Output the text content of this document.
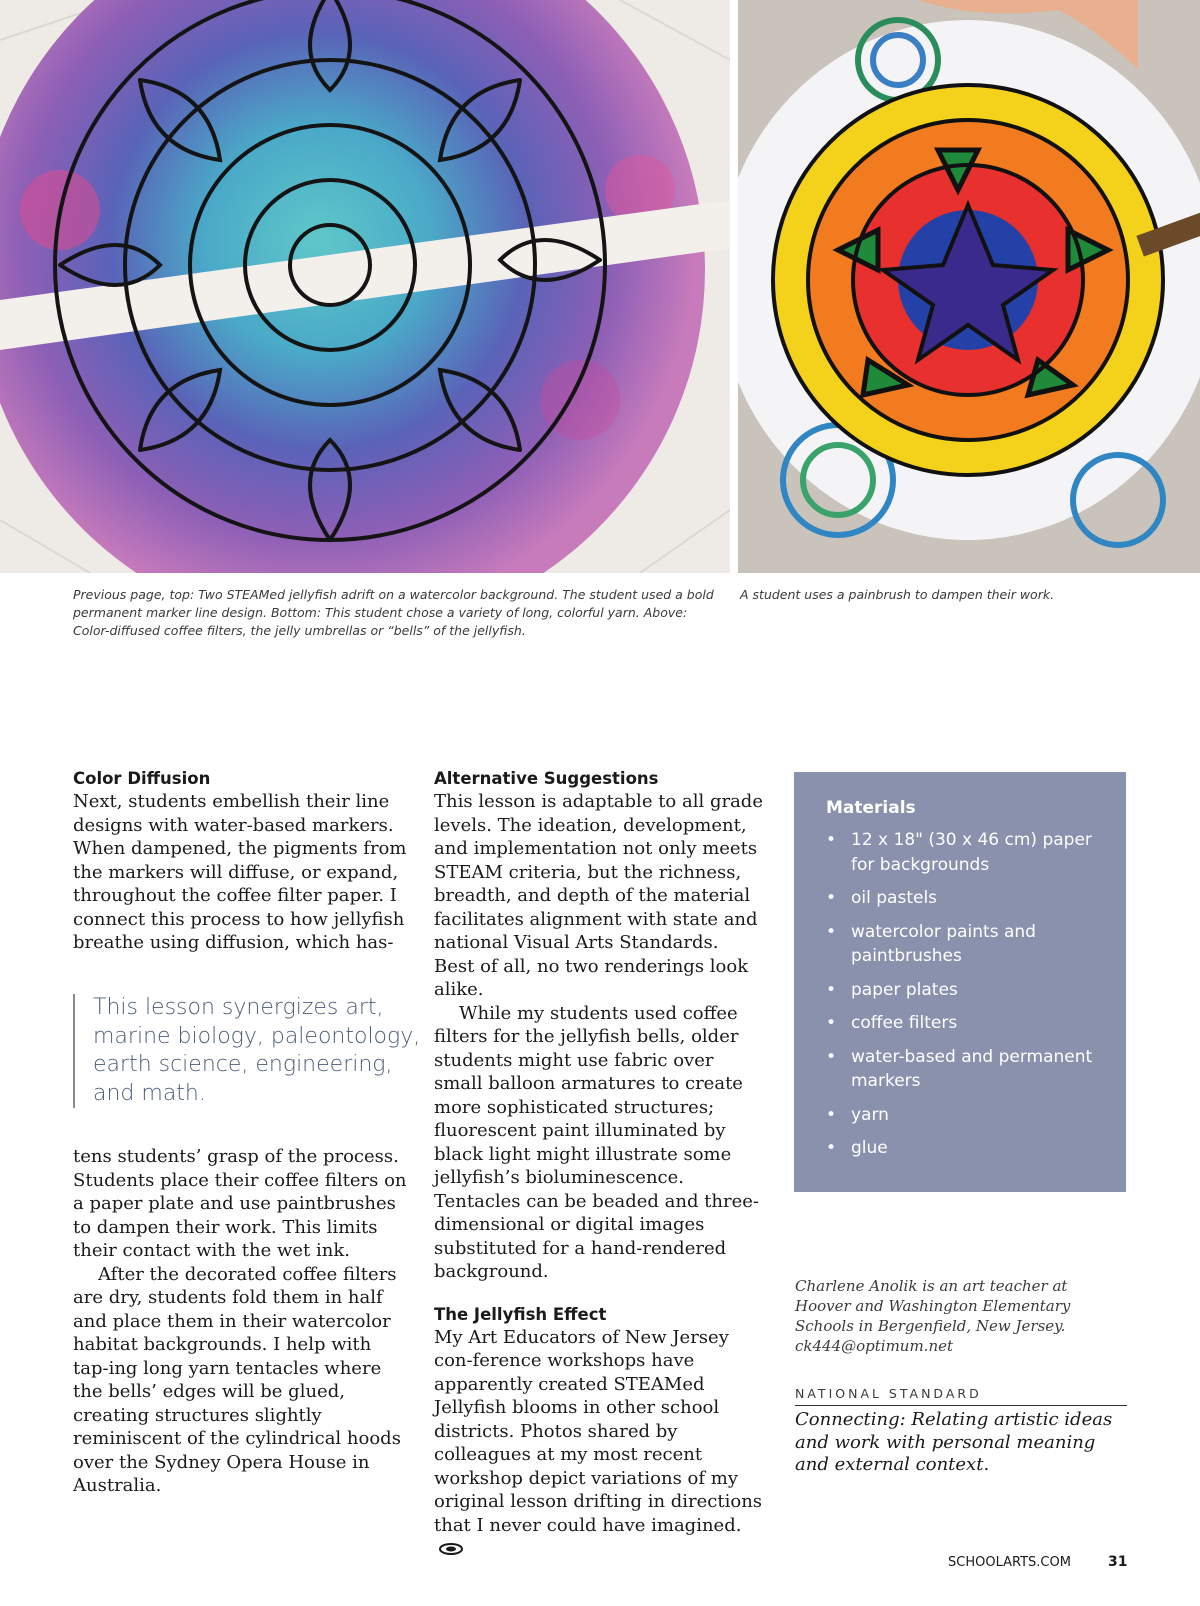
Previous page, top: Two STEAMed jellyfish adrift on a watercolor background. The student used a bold permanent marker line design. Bottom: This student chose a variety of long, colorful yarn. Above: Color-diffused coffee filters, the jelly umbrellas or “bells” of the jellyfish.
A student uses a painbrush to dampen their work.

Color Diffusion

Next, students embellish their line designs with water-based markers. When dampened, the pigments from the markers will diffuse, or expand, throughout the coffee filter paper. I connect this process to how jellyfish breathe using diffusion, which has-

This lesson synergizes art, marine biology, paleontology, earth science, engineering, and math.

tens students’ grasp of the process. Students place their coffee filters on a paper plate and use paintbrushes to dampen their work. This limits their contact with the wet ink.

After the decorated coffee filters are dry, students fold them in half and place them in their watercolor habitat backgrounds. I help with tap-ing long yarn tentacles where the bells’ edges will be glued, creating structures slightly reminiscent of the cylindrical hoods over the Sydney Opera House in Australia.

Alternative Suggestions

This lesson is adaptable to all grade levels. The ideation, development, and implementation not only meets STEAM criteria, but the richness, breadth, and depth of the material facilitates alignment with state and national Visual Arts Standards. Best of all, no two renderings look alike.

While my students used coffee filters for the jellyfish bells, older students might use fabric over small balloon armatures to create more sophisticated structures; fluorescent paint illuminated by black light might illustrate some jellyfish’s bioluminescence. Tentacles can be beaded and three-dimensional or digital images substituted for a hand-rendered background.

The Jellyfish Effect

My Art Educators of New Jersey con-ference workshops have apparently created STEAMed Jellyfish blooms in other school districts. Photos shared by colleagues at my most recent workshop depict variations of my original lesson drifting in directions that I never could have imagined.

Materials

• 12 x 18" (30 x 46 cm) paper for backgrounds
• oil pastels
• watercolor paints and paintbrushes
• paper plates
• coffee filters
• water-based and permanent markers
• yarn
• glue
Charlene Anolik is an art teacher at Hoover and Washington Elementary Schools in Bergenfield, New Jersey. ck444@optimum.net
NATIONAL STANDARD
Connecting: Relating artistic ideas and work with personal meaning and external context.
SCHOOLARTS.COM	31
